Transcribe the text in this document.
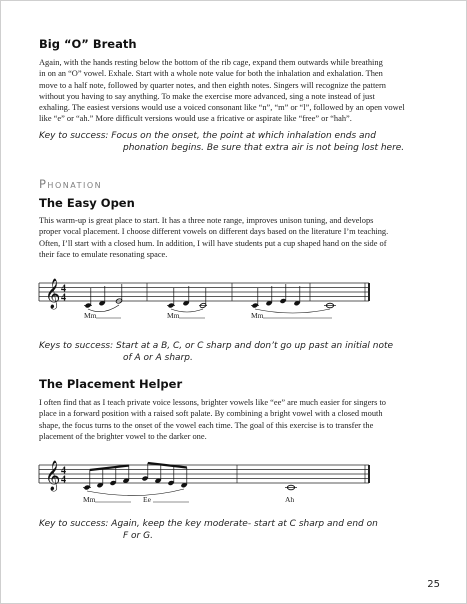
Big “O” Breath
Again, with the hands resting below the bottom of the rib cage, expand them outwards while breathing
in on an “O” vowel. Exhale. Start with a whole note value for both the inhalation and exhalation. Then
move to a half note, followed by quarter notes, and then eighth notes. Singers will recognize the pattern
without you having to say anything. To make the exercise more advanced, sing a note instead of just
exhaling. The easiest versions would use a voiced consonant like “n”, “m” or “l”, followed by an open vowel
like “e” or “ah.” More difficult versions would use a fricative or aspirate like “free” or “hah”.
Key to success: Focus on the onset, the point at which inhalation ends and
phonation begins. Be sure that extra air is not being lost here.
Phonation
The Easy Open
This warm-up is great place to start. It has a three note range, improves unison tuning, and develops
proper vocal placement. I choose different vowels on different days based on the literature I’m teaching.
Often, I’ll start with a closed hum. In addition, I will have students put a cup shaped hand on the side of
their face to emulate resonating space.
𝄞 4
4
Mm	Mm	Mm
Keys to success: Start at a B, C, or C sharp and don’t go up past an initial note
of A or A sharp.
The Placement Helper
I often find that as I teach private voice lessons, brighter vowels like “ee” are much easier for singers to
place in a forward position with a raised soft palate. By combining a bright vowel with a closed mouth
shape, the focus turns to the onset of the vowel each time. The goal of this exercise is to transfer the
placement of the brighter vowel to the darker one.
𝄞 4
4
Mm	Ee	Ah
Key to success: Again, keep the key moderate- start at C sharp and end on
F or G.
25
